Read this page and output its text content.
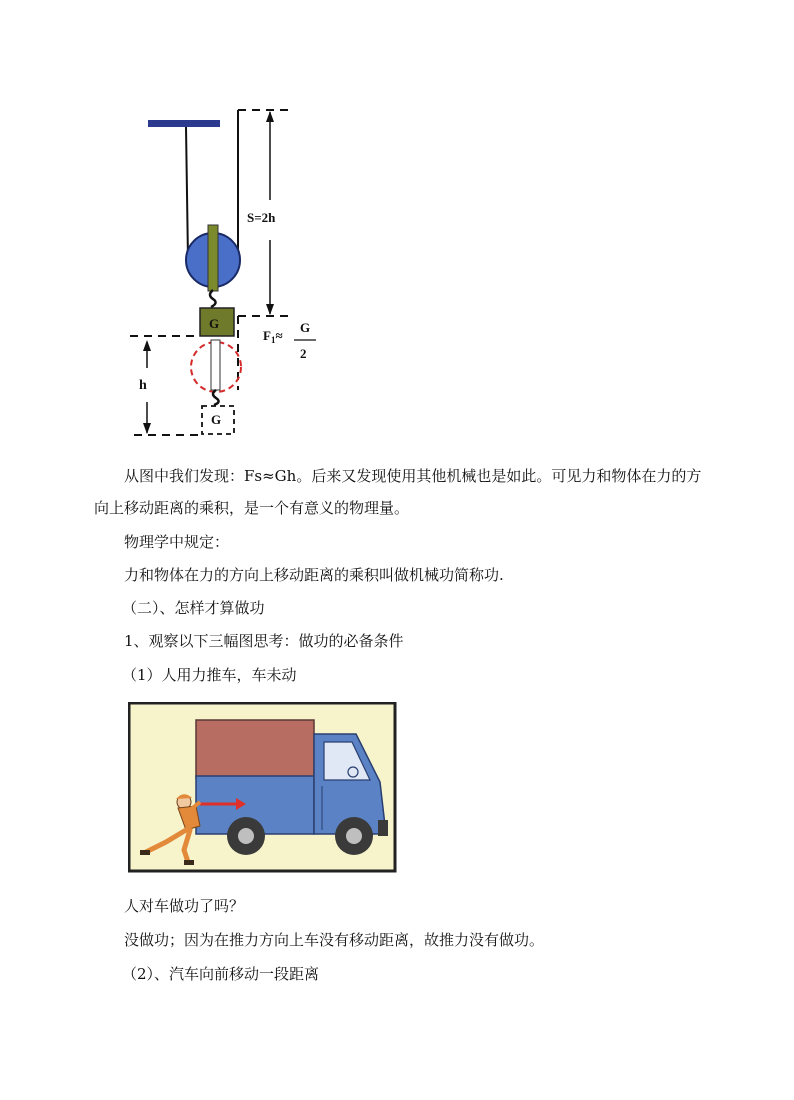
G
G
S=2h
$F_1\approx$
G
2
h

从图中我们发现：Fs≈Gh。后来又发现使用其他机械也是如此。可见力和物体在力的方向上移动距离的乘积，是一个有意义的物理量。

物理学中规定：

力和物体在力的方向上移动距离的乘积叫做机械功简称功.

（二）、怎样才算做功

1、观察以下三幅图思考：做功的必备条件

（1）人用力推车，车未动

人对车做功了吗？

没做功；因为在推力方向上车没有移动距离，故推力没有做功。

（2）、汽车向前移动一段距离
